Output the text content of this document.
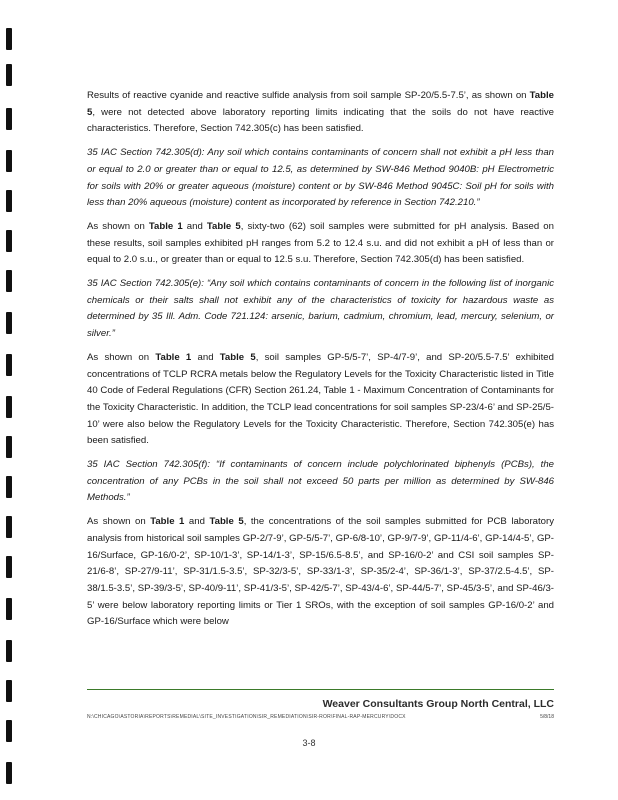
Results of reactive cyanide and reactive sulfide analysis from soil sample SP-20/5.5-7.5’, as shown on Table 5, were not detected above laboratory reporting limits indicating that the soils do not have reactive characteristics. Therefore, Section 742.305(c) has been satisfied.

35 IAC Section 742.305(d): Any soil which contains contaminants of concern shall not exhibit a pH less than or equal to 2.0 or greater than or equal to 12.5, as determined by SW-846 Method 9040B: pH Electrometric for soils with 20% or greater aqueous (moisture) content or by SW-846 Method 9045C: Soil pH for soils with less than 20% aqueous (moisture) content as incorporated by reference in Section 742.210.”

As shown on Table 1 and Table 5, sixty-two (62) soil samples were submitted for pH analysis. Based on these results, soil samples exhibited pH ranges from 5.2 to 12.4 s.u. and did not exhibit a pH of less than or equal to 2.0 s.u., or greater than or equal to 12.5 s.u. Therefore, Section 742.305(d) has been satisfied.

35 IAC Section 742.305(e): “Any soil which contains contaminants of concern in the following list of inorganic chemicals or their salts shall not exhibit any of the characteristics of toxicity for hazardous waste as determined by 35 Ill. Adm. Code 721.124: arsenic, barium, cadmium, chromium, lead, mercury, selenium, or silver.”

As shown on Table 1 and Table 5, soil samples GP-5/5-7’, SP-4/7-9’, and SP-20/5.5-7.5’ exhibited concentrations of TCLP RCRA metals below the Regulatory Levels for the Toxicity Characteristic listed in Title 40 Code of Federal Regulations (CFR) Section 261.24, Table 1 - Maximum Concentration of Contaminants for the Toxicity Characteristic. In addition, the TCLP lead concentrations for soil samples SP-23/4-6’ and SP-25/5-10’ were also below the Regulatory Levels for the Toxicity Characteristic. Therefore, Section 742.305(e) has been satisfied.

35 IAC Section 742.305(f): “If contaminants of concern include polychlorinated biphenyls (PCBs), the concentration of any PCBs in the soil shall not exceed 50 parts per million as determined by SW-846 Methods.”

As shown on Table 1 and Table 5, the concentrations of the soil samples submitted for PCB laboratory analysis from historical soil samples GP-2/7-9’, GP-5/5-7’, GP-6/8-10’, GP-9/7-9’, GP-11/4-6’, GP-14/4-5’, GP-16/Surface, GP-16/0-2’, SP-10/1-3’, SP-14/1-3’, SP-15/6.5-8.5’, and SP-16/0-2’ and CSI soil samples SP-21/6-8’, SP-27/9-11’, SP-31/1.5-3.5’, SP-32/3-5’, SP-33/1-3’, SP-35/2-4’, SP-36/1-3’, SP-37/2.5-4.5’, SP-38/1.5-3.5’, SP-39/3-5’, SP-40/9-11’, SP-41/3-5’, SP-42/5-7’, SP-43/4-6’, SP-44/5-7’, SP-45/3-5’, and SP-46/3-5’ were below laboratory reporting limits or Tier 1 SROs, with the exception of soil samples GP-16/0-2’ and GP-16/Surface which were below

Weaver Consultants Group North Central, LLC
N:\CHICAGO\ASTORIA\REPORTS\REMEDIAL\SITE_INVESTIGATION\SIR_REMEDIATION\SIR-ROR\FINAL-RAP-MERCURY\DOCX	5/8/18
3-8
